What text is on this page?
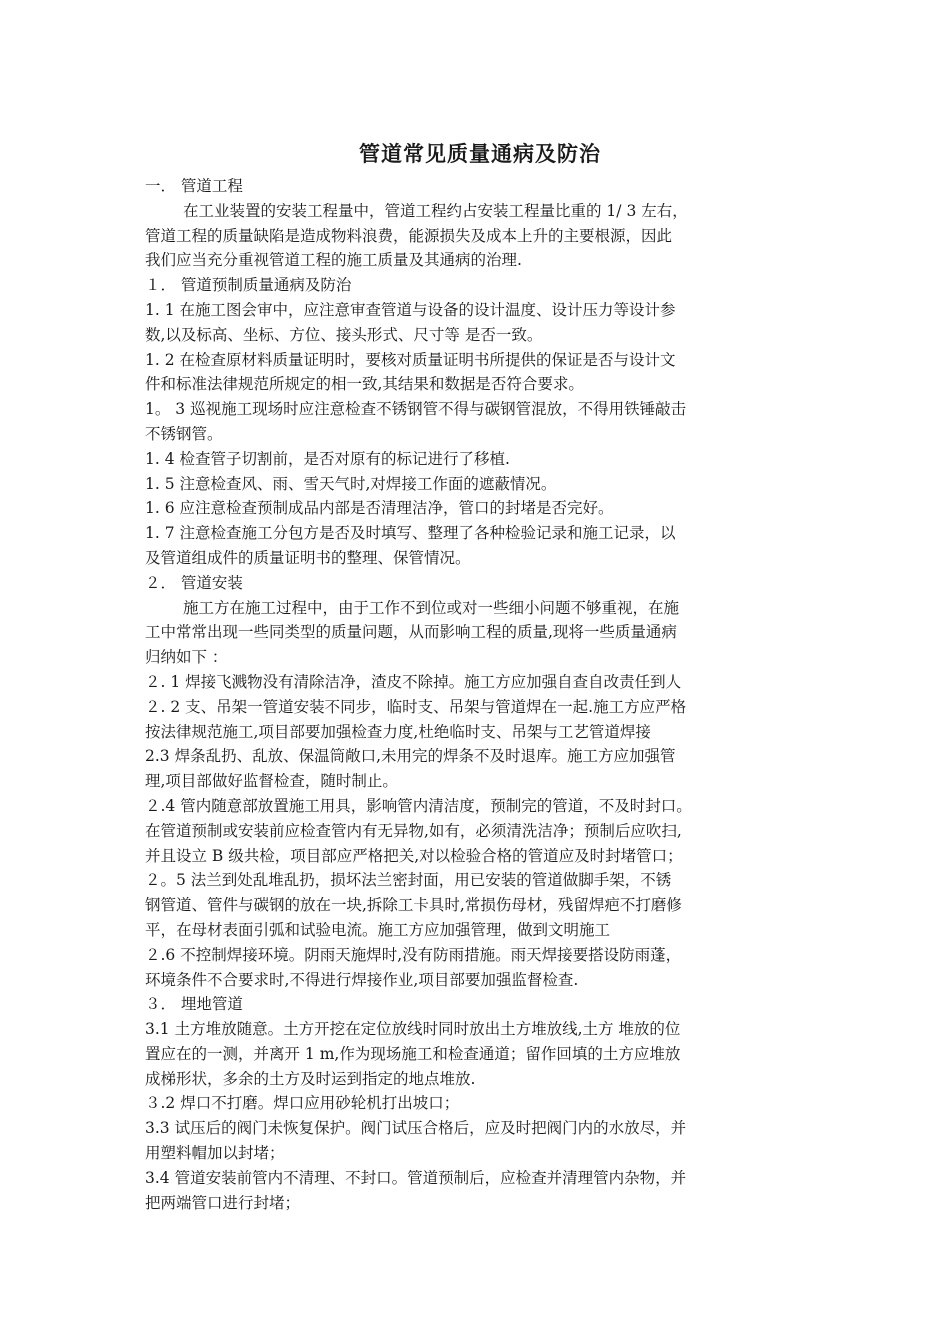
管道常见质量通病及防治

一． 管道工程

在工业装置的安装工程量中，管道工程约占安装工程量比重的 1/ 3 左右，

管道工程的质量缺陷是造成物料浪费，能源损失及成本上升的主要根源，因此

我们应当充分重视管道工程的施工质量及其通病的治理.

１． 管道预制质量通病及防治

1. 1 在施工图会审中，应注意审查管道与设备的设计温度、设计压力等设计参

数,以及标高、坐标、方位、接头形式、尺寸等 是否一致。

1. 2 在检查原材料质量证明时，要核对质量证明书所提供的保证是否与设计文

件和标准法律规范所规定的相一致,其结果和数据是否符合要求。

1。 3 巡视施工现场时应注意检查不锈钢管不得与碳钢管混放，不得用铁锤敲击

不锈钢管。

1. 4 检查管子切割前，是否对原有的标记进行了移植.

1. 5 注意检查风、雨、雪天气时,对焊接工作面的遮蔽情况。

1. 6 应注意检查预制成品内部是否清理洁净，管口的封堵是否完好。

1. 7 注意检查施工分包方是否及时填写、整理了各种检验记录和施工记录，以

及管道组成件的质量证明书的整理、保管情况。

２． 管道安装

施工方在施工过程中，由于工作不到位或对一些细小问题不够重视，在施

工中常常出现一些同类型的质量问题，从而影响工程的质量,现将一些质量通病

归纳如下 ：

２. 1 焊接飞溅物没有清除洁净，渣皮不除掉。施工方应加强自查自改责任到人

２. 2 支、吊架一管道安装不同步，临时支、吊架与管道焊在一起.施工方应严格

按法律规范施工,项目部要加强检查力度,杜绝临时支、吊架与工艺管道焊接

2.3 焊条乱扔、乱放、保温筒敞口,未用完的焊条不及时退库。施工方应加强管

理,项目部做好监督检查，随时制止。

２.4 管内随意部放置施工用具，影响管内清洁度，预制完的管道，不及时封口。

在管道预制或安装前应检查管内有无异物,如有，必须清洗洁净；预制后应吹扫,

并且设立 B 级共检，项目部应严格把关,对以检验合格的管道应及时封堵管口；

２。5 法兰到处乱堆乱扔，损坏法兰密封面，用已安装的管道做脚手架，不锈

钢管道、管件与碳钢的放在一块,拆除工卡具时,常损伤母材，残留焊疤不打磨修

平，在母材表面引弧和试验电流。施工方应加强管理，做到文明施工

２.6 不控制焊接环境。阴雨天施焊时,没有防雨措施。雨天焊接要搭设防雨蓬，

环境条件不合要求时,不得进行焊接作业,项目部要加强监督检查.

３． 埋地管道

3.1 土方堆放随意。土方开挖在定位放线时同时放出土方堆放线,土方 堆放的位

置应在的一测，并离开 1 m,作为现场施工和检查通道；留作回填的土方应堆放

成梯形状，多余的土方及时运到指定的地点堆放.

３.2 焊口不打磨。焊口应用砂轮机打出坡口；

3.3 试压后的阀门未恢复保护。阀门试压合格后，应及时把阀门内的水放尽，并

用塑料帽加以封堵；

3.4 管道安装前管内不清理、不封口。管道预制后，应检查并清理管内杂物，并

把两端管口进行封堵；
